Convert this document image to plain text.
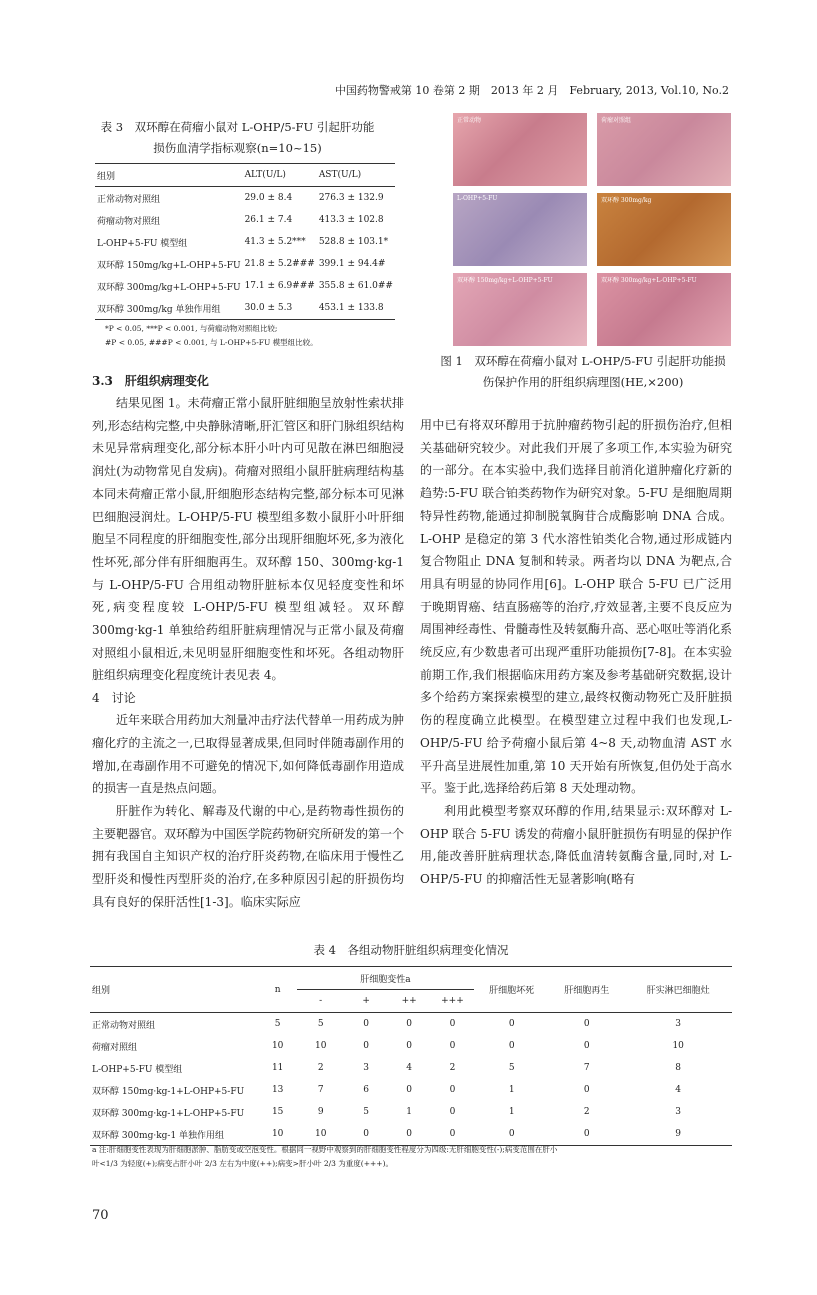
中国药物警戒第 10 卷第 2 期　2013 年 2 月　February, 2013, Vol.10, No.2
表 3　双环醇在荷瘤小鼠对 L-OHP/5-FU 引起肝功能
损伤血清学指标观察(n=10~15)
组别	ALT(U/L)	AST(U/L)
正常动物对照组	29.0 ± 8.4	276.3 ± 132.9
荷瘤动物对照组	26.1 ± 7.4	413.3 ± 102.8
L-OHP+5-FU 模型组	41.3 ± 5.2***	528.8 ± 103.1*
双环醇 150mg/kg+L-OHP+5-FU	21.8 ± 5.2###	399.1 ± 94.4#
双环醇 300mg/kg+L-OHP+5-FU	17.1 ± 6.9###	355.8 ± 61.0##
双环醇 300mg/kg 单独作用组	30.0 ± 5.3	453.1 ± 133.8
*P < 0.05, ***P < 0.001, 与荷瘤动物对照组比较;
#P < 0.05, ###P < 0.001, 与 L-OHP+5-FU 模型组比较。
正常动物	荷瘤对照组
L-OHP+5-FU	双环醇 300mg/kg
双环醇 150mg/kg+L-OHP+5-FU	双环醇 300mg/kg+L-OHP+5-FU
图 1　双环醇在荷瘤小鼠对 L-OHP/5-FU 引起肝功能损
伤保护作用的肝组织病理图(HE,×200)
3.3　肝组织病理变化

结果见图 1。未荷瘤正常小鼠肝脏细胞呈放射性索状排列,形态结构完整,中央静脉清晰,肝汇管区和肝门脉组织结构未见异常病理变化,部分标本肝小叶内可见散在淋巴细胞浸润灶(为动物常见自发病)。荷瘤对照组小鼠肝脏病理结构基本同未荷瘤正常小鼠,肝细胞形态结构完整,部分标本可见淋巴细胞浸润灶。L-OHP/5-FU 模型组多数小鼠肝小叶肝细胞呈不同程度的肝细胞变性,部分出现肝细胞坏死,多为液化性坏死,部分伴有肝细胞再生。双环醇 150、300mg·kg-1 与 L-OHP/5-FU 合用组动物肝脏标本仅见轻度变性和坏死,病变程度较 L-OHP/5-FU 模型组减轻。双环醇 300mg·kg-1 单独给药组肝脏病理情况与正常小鼠及荷瘤对照组小鼠相近,未见明显肝细胞变性和坏死。各组动物肝脏组织病理变化程度统计表见表 4。

4　讨论

近年来联合用药加大剂量冲击疗法代替单一用药成为肿瘤化疗的主流之一,已取得显著成果,但同时伴随毒副作用的增加,在毒副作用不可避免的情况下,如何降低毒副作用造成的损害一直是热点问题。

肝脏作为转化、解毒及代谢的中心,是药物毒性损伤的主要靶器官。双环醇为中国医学院药物研究所研发的第一个拥有我国自主知识产权的治疗肝炎药物,在临床用于慢性乙型肝炎和慢性丙型肝炎的治疗,在多种原因引起的肝损伤均具有良好的保肝活性[1-3]。临床实际应

用中已有将双环醇用于抗肿瘤药物引起的肝损伤治疗,但相关基础研究较少。对此我们开展了多项工作,本实验为研究的一部分。在本实验中,我们选择目前消化道肿瘤化疗新的趋势:5-FU 联合铂类药物作为研究对象。5-FU 是细胞周期特异性药物,能通过抑制脱氧胸苷合成酶影响 DNA 合成。L-OHP 是稳定的第 3 代水溶性铂类化合物,通过形成链内复合物阻止 DNA 复制和转录。两者均以 DNA 为靶点,合用具有明显的协同作用[6]。L-OHP 联合 5-FU 已广泛用于晚期胃癌、结直肠癌等的治疗,疗效显著,主要不良反应为周围神经毒性、骨髓毒性及转氨酶升高、恶心呕吐等消化系统反应,有少数患者可出现严重肝功能损伤[7-8]。在本实验前期工作,我们根据临床用药方案及参考基础研究数据,设计多个给药方案探索模型的建立,最终权衡动物死亡及肝脏损伤的程度确立此模型。在模型建立过程中我们也发现,L-OHP/5-FU 给予荷瘤小鼠后第 4~8 天,动物血清 AST 水平升高呈进展性加重,第 10 天开始有所恢复,但仍处于高水平。鉴于此,选择给药后第 8 天处理动物。

利用此模型考察双环醇的作用,结果显示:双环醇对 L-OHP 联合 5-FU 诱发的荷瘤小鼠肝脏损伤有明显的保护作用,能改善肝脏病理状态,降低血清转氨酶含量,同时,对 L-OHP/5-FU 的抑瘤活性无显著影响(略有

表 4　各组动物肝脏组织病理变化情况
组别	n	肝细胞变性a				肝细胞坏死	肝细胞再生	肝实淋巴细胞灶
		-	+	++	+++			
正常动物对照组	5	5	0	0	0	0	0	3
荷瘤对照组	10	10	0	0	0	0	0	10
L-OHP+5-FU 模型组	11	2	3	4	2	5	7	8
双环醇 150mg·kg-1+L-OHP+5-FU	13	7	6	0	0	1	0	4
双环醇 300mg·kg-1+L-OHP+5-FU	15	9	5	1	0	1	2	3
双环醇 300mg·kg-1 单独作用组	10	10	0	0	0	0	0	9
a 注:肝细胞变性表现为肝细胞淤肿、脂肪变或空泡变性。根据同一视野中观察到的肝细胞变性程度分为四级:无肝细胞变性(-);病变范围在肝小
叶<1/3 为轻度(+);病变占肝小叶 2/3 左右为中度(++);病变>肝小叶 2/3 为重度(+++)。
70
